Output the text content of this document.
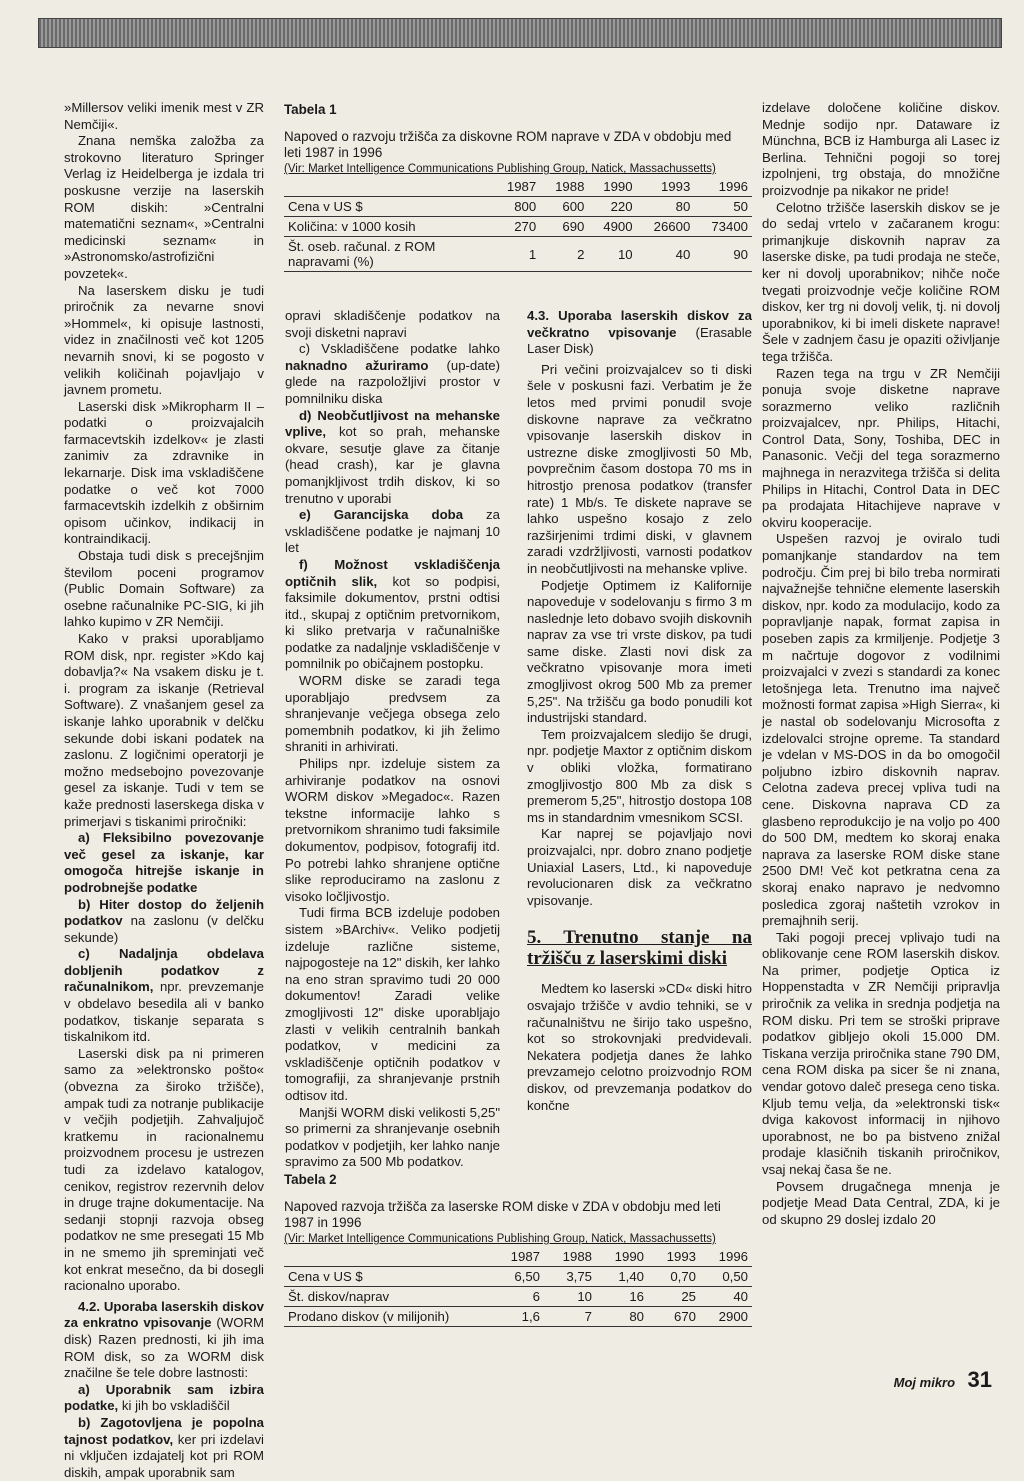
Tabela 1
Napoved o razvoju tržišča za diskovne ROM naprave v ZDA v obdobju med leti 1987 in 1996
(Vir: Market Intelligence Communications Publishing Group, Natick, Massachussetts)
	1987	1988	1990	1993	1996
Cena v US $	800	600	220	80	50
Količina: v 1000 kosih	270	690	4900	26600	73400
Št. oseb. računal. z ROM napravami (%)	1	2	10	40	90

»Millersov veliki imenik mest v ZR Nemčiji«.

Znana nemška založba za strokovno literaturo Springer Verlag iz Heidelberga je izdala tri poskusne verzije na laserskih ROM diskih: »Centralni matematični seznam«, »Centralni medicinski seznam« in »Astronomsko/astrofizični povzetek«.

Na laserskem disku je tudi priročnik za nevarne snovi »Hommel«, ki opisuje lastnosti, videz in značilnosti več kot 1205 nevarnih snovi, ki se pogosto v velikih količinah pojavljajo v javnem prometu.

Laserski disk »Mikropharm II – podatki o proizvajalcih farmacevtskih izdelkov« je zlasti zanimiv za zdravnike in lekarnarje. Disk ima vskladiščene podatke o več kot 7000 farmacevtskih izdelkih z obširnim opisom učinkov, indikacij in kontraindikacij.

Obstaja tudi disk s precejšnjim številom poceni programov (Public Domain Software) za osebne računalnike PC-SIG, ki jih lahko kupimo v ZR Nemčiji.

Kako v praksi uporabljamo ROM disk, npr. register »Kdo kaj dobavlja?« Na vsakem disku je t. i. program za iskanje (Retrieval Software). Z vnašanjem gesel za iskanje lahko uporabnik v delčku sekunde dobi iskani podatek na zaslonu. Z logičnimi operatorji je možno medsebojno povezovanje gesel za iskanje. Tudi v tem se kaže prednosti laserskega diska v primerjavi s tiskanimi priročniki:

a) Fleksibilno povezovanje več gesel za iskanje, kar omogoča hitrejše iskanje in podrobnejše podatke

b) Hiter dostop do željenih podatkov na zaslonu (v delčku sekunde)

c) Nadaljnja obdelava dobljenih podatkov z računalnikom, npr. prevzemanje v obdelavo besedila ali v banko podatkov, tiskanje separata s tiskalnikom itd.

Laserski disk pa ni primeren samo za »elektronsko pošto« (obvezna za široko tržišče), ampak tudi za notranje publikacije v večjih podjetjih. Zahvaljujoč kratkemu in racionalnemu proizvodnem procesu je ustrezen tudi za izdelavo katalogov, cenikov, registrov rezervnih delov in druge trajne dokumentacije. Na sedanji stopnji razvoja obseg podatkov ne sme presegati 15 Mb in ne smemo jih spreminjati več kot enkrat mesečno, da bi dosegli racionalno uporabo.

4.2. Uporaba laserskih diskov za enkratno vpisovanje (WORM disk) Razen prednosti, ki jih ima ROM disk, so za WORM disk značilne še tele dobre lastnosti:

a) Uporabnik sam izbira podatke, ki jih bo vskladiščil

b) Zagotovljena je popolna tajnost podatkov, ker pri izdelavi ni vključen izdajatelj kot pri ROM diskih, ampak uporabnik sam

opravi skladiščenje podatkov na svoji disketni napravi

c) Vskladiščene podatke lahko naknadno ažuriramo (up-date) glede na razpoložljivi prostor v pomnilniku diska

d) Neobčutljivost na mehanske vplive, kot so prah, mehanske okvare, sesutje glave za čitanje (head crash), kar je glavna pomanjkljivost trdih diskov, ki so trenutno v uporabi

e) Garancijska doba za vskladiščene podatke je najmanj 10 let

f) Možnost vskladiščenja optičnih slik, kot so podpisi, faksimile dokumentov, prstni odtisi itd., skupaj z optičnim pretvornikom, ki sliko pretvarja v računalniške podatke za nadaljnje vskladiščenje v pomnilnik po običajnem postopku.

WORM diske se zaradi tega uporabljajo predvsem za shranjevanje večjega obsega zelo pomembnih podatkov, ki jih želimo shraniti in arhivirati.

Philips npr. izdeluje sistem za arhiviranje podatkov na osnovi WORM diskov »Megadoc«. Razen tekstne informacije lahko s pretvornikom shranimo tudi faksimile dokumentov, podpisov, fotografij itd. Po potrebi lahko shranjene optične slike reproduciramo na zaslonu z visoko ločljivostjo.

Tudi firma BCB izdeluje podoben sistem »BArchiv«. Veliko podjetij izdeluje različne sisteme, najpogosteje na 12" diskih, ker lahko na eno stran spravimo tudi 20 000 dokumentov! Zaradi velike zmogljivosti 12" diske uporabljajo zlasti v velikih centralnih bankah podatkov, v medicini za vskladiščenje optičnih podatkov v tomografiji, za shranjevanje prstnih odtisov itd.

Manjši WORM diski velikosti 5,25" so primerni za shranjevanje osebnih podatkov v podjetjih, ker lahko nanje spravimo za 500 Mb podatkov.

4.3. Uporaba laserskih diskov za večkratno vpisovanje (Erasable Laser Disk)

Pri večini proizvajalcev so ti diski šele v poskusni fazi. Verbatim je že letos med prvimi ponudil svoje diskovne naprave za večkratno vpisovanje laserskih diskov in ustrezne diske zmogljivosti 50 Mb, povprečnim časom dostopa 70 ms in hitrostjo prenosa podatkov (transfer rate) 1 Mb/s. Te diskete naprave se lahko uspešno kosajo z zelo razširjenimi trdimi diski, v glavnem zaradi vzdržljivosti, varnosti podatkov in neobčutljivosti na mehanske vplive.

Podjetje Optimem iz Kalifornije napoveduje v sodelovanju s firmo 3 m naslednje leto dobavo svojih diskovnih naprav za vse tri vrste diskov, pa tudi same diske. Zlasti novi disk za večkratno vpisovanje mora imeti zmogljivost okrog 500 Mb za premer 5,25". Na tržišču ga bodo ponudili kot industrijski standard.

Tem proizvajalcem sledijo še drugi, npr. podjetje Maxtor z optičnim diskom v obliki vložka, formatirano zmogljivostjo 800 Mb za disk s premerom 5,25", hitrostjo dostopa 108 ms in standardnim vmesnikom SCSI.

Kar naprej se pojavljajo novi proizvajalci, npr. dobro znano podjetje Uniaxial Lasers, Ltd., ki napoveduje revolucionaren disk za večkratno vpisovanje.

5. Trenutno stanje na tržišču z laserskimi diski

Medtem ko laserski »CD« diski hitro osvajajo tržišče v avdio tehniki, se v računalništvu ne širijo tako uspešno, kot so strokovnjaki predvidevali. Nekatera podjetja danes že lahko prevzamejo celotno proizvodnjo ROM diskov, od prevzemanja podatkov do končne

izdelave določene količine diskov. Mednje sodijo npr. Dataware iz Münchna, BCB iz Hamburga ali Lasec iz Berlina. Tehnični pogoji so torej izpolnjeni, trg obstaja, do množične proizvodnje pa nikakor ne pride!

Celotno tržišče laserskih diskov se je do sedaj vrtelo v začaranem krogu: primanjkuje diskovnih naprav za laserske diske, pa tudi prodaja ne steče, ker ni dovolj uporabnikov; nihče noče tvegati proizvodnje večje količine ROM diskov, ker trg ni dovolj velik, tj. ni dovolj uporabnikov, ki bi imeli diskete naprave! Šele v zadnjem času je opaziti oživljanje tega tržišča.

Razen tega na trgu v ZR Nemčiji ponuja svoje disketne naprave sorazmerno veliko različnih proizvajalcev, npr. Philips, Hitachi, Control Data, Sony, Toshiba, DEC in Panasonic. Večji del tega sorazmerno majhnega in nerazvitega tržišča si delita Philips in Hitachi, Control Data in DEC pa prodajata Hitachijeve naprave v okviru kooperacije.

Uspešen razvoj je oviralo tudi pomanjkanje standardov na tem področju. Čim prej bi bilo treba normirati najvažnejše tehnične elemente laserskih diskov, npr. kodo za modulacijo, kodo za popravljanje napak, format zapisa in poseben zapis za krmiljenje. Podjetje 3 m načrtuje dogovor z vodilnimi proizvajalci v zvezi s standardi za konec letošnjega leta. Trenutno ima največ možnosti format zapisa »High Sierra«, ki je nastal ob sodelovanju Microsofta z izdelovalci strojne opreme. Ta standard je vdelan v MS-DOS in da bo omogočil poljubno izbiro diskovnih naprav. Celotna zadeva precej vpliva tudi na cene. Diskovna naprava CD za glasbeno reprodukcijo je na voljo po 400 do 500 DM, medtem ko skoraj enaka naprava za laserske ROM diske stane 2500 DM! Več kot petkratna cena za skoraj enako napravo je nedvomno posledica zgoraj naštetih vzrokov in premajhnih serij.

Taki pogoji precej vplivajo tudi na oblikovanje cene ROM laserskih diskov. Na primer, podjetje Optica iz Hoppenstadta v ZR Nemčiji pripravlja priročnik za velika in srednja podjetja na ROM disku. Pri tem se stroški priprave podatkov gibljejo okoli 15.000 DM. Tiskana verzija priročnika stane 790 DM, cena ROM diska pa sicer še ni znana, vendar gotovo daleč presega ceno tiska. Kljub temu velja, da »elektronski tisk« dviga kakovost informacij in njihovo uporabnost, ne bo pa bistveno znižal prodaje klasičnih tiskanih priročnikov, vsaj nekaj časa še ne.

Povsem drugačnega mnenja je podjetje Mead Data Central, ZDA, ki je od skupno 29 doslej izdalo 20

Tabela 2
Napoved razvoja tržišča za laserske ROM diske v ZDA v obdobju med leti 1987 in 1996
(Vir: Market Intelligence Communications Publishing Group, Natick, Massachussetts)
	1987	1988	1990	1993	1996
Cena v US $	6,50	3,75	1,40	0,70	0,50
Št. diskov/naprav	6	10	16	25	40
Prodano diskov (v milijonih)	1,6	7	80	670	2900
Moj mikro 31
